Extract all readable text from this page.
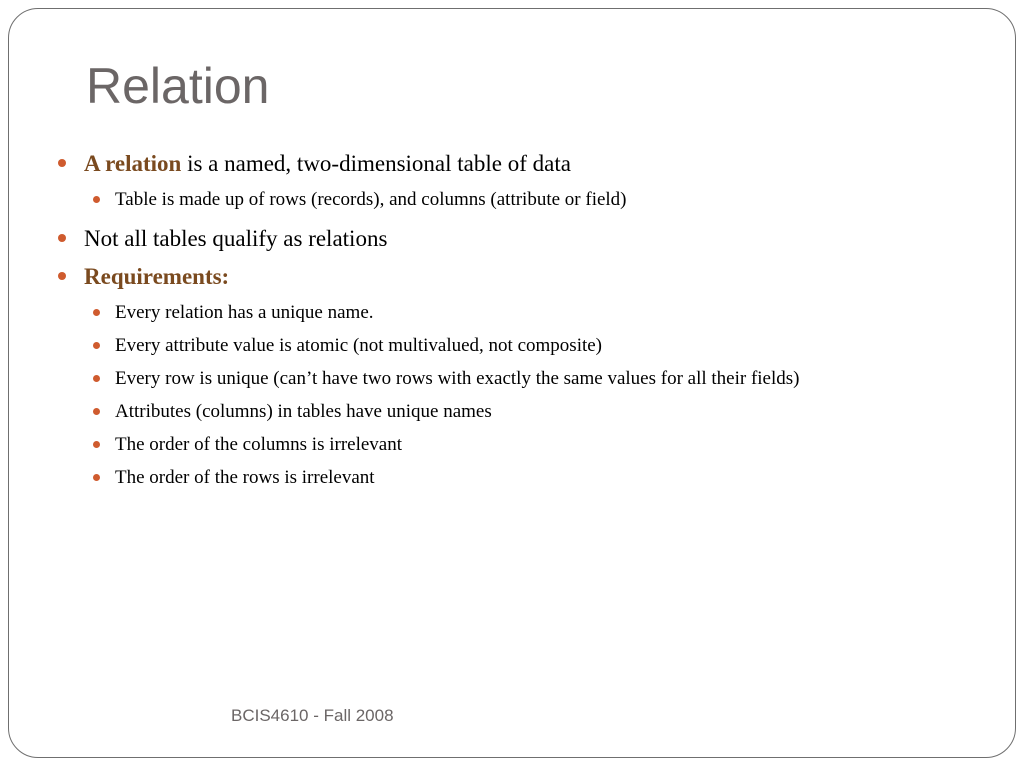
Relation
A relation is a named, two-dimensional table of data
Table is made up of rows (records), and columns (attribute or field)
Not all tables qualify as relations
Requirements:
Every relation has a unique name.
Every attribute value is atomic (not multivalued, not composite)
Every row is unique (can’t have two rows with exactly the same values for all their fields)
Attributes (columns) in tables have unique names
The order of the columns is irrelevant
The order of the rows is irrelevant
BCIS4610 - Fall 2008
